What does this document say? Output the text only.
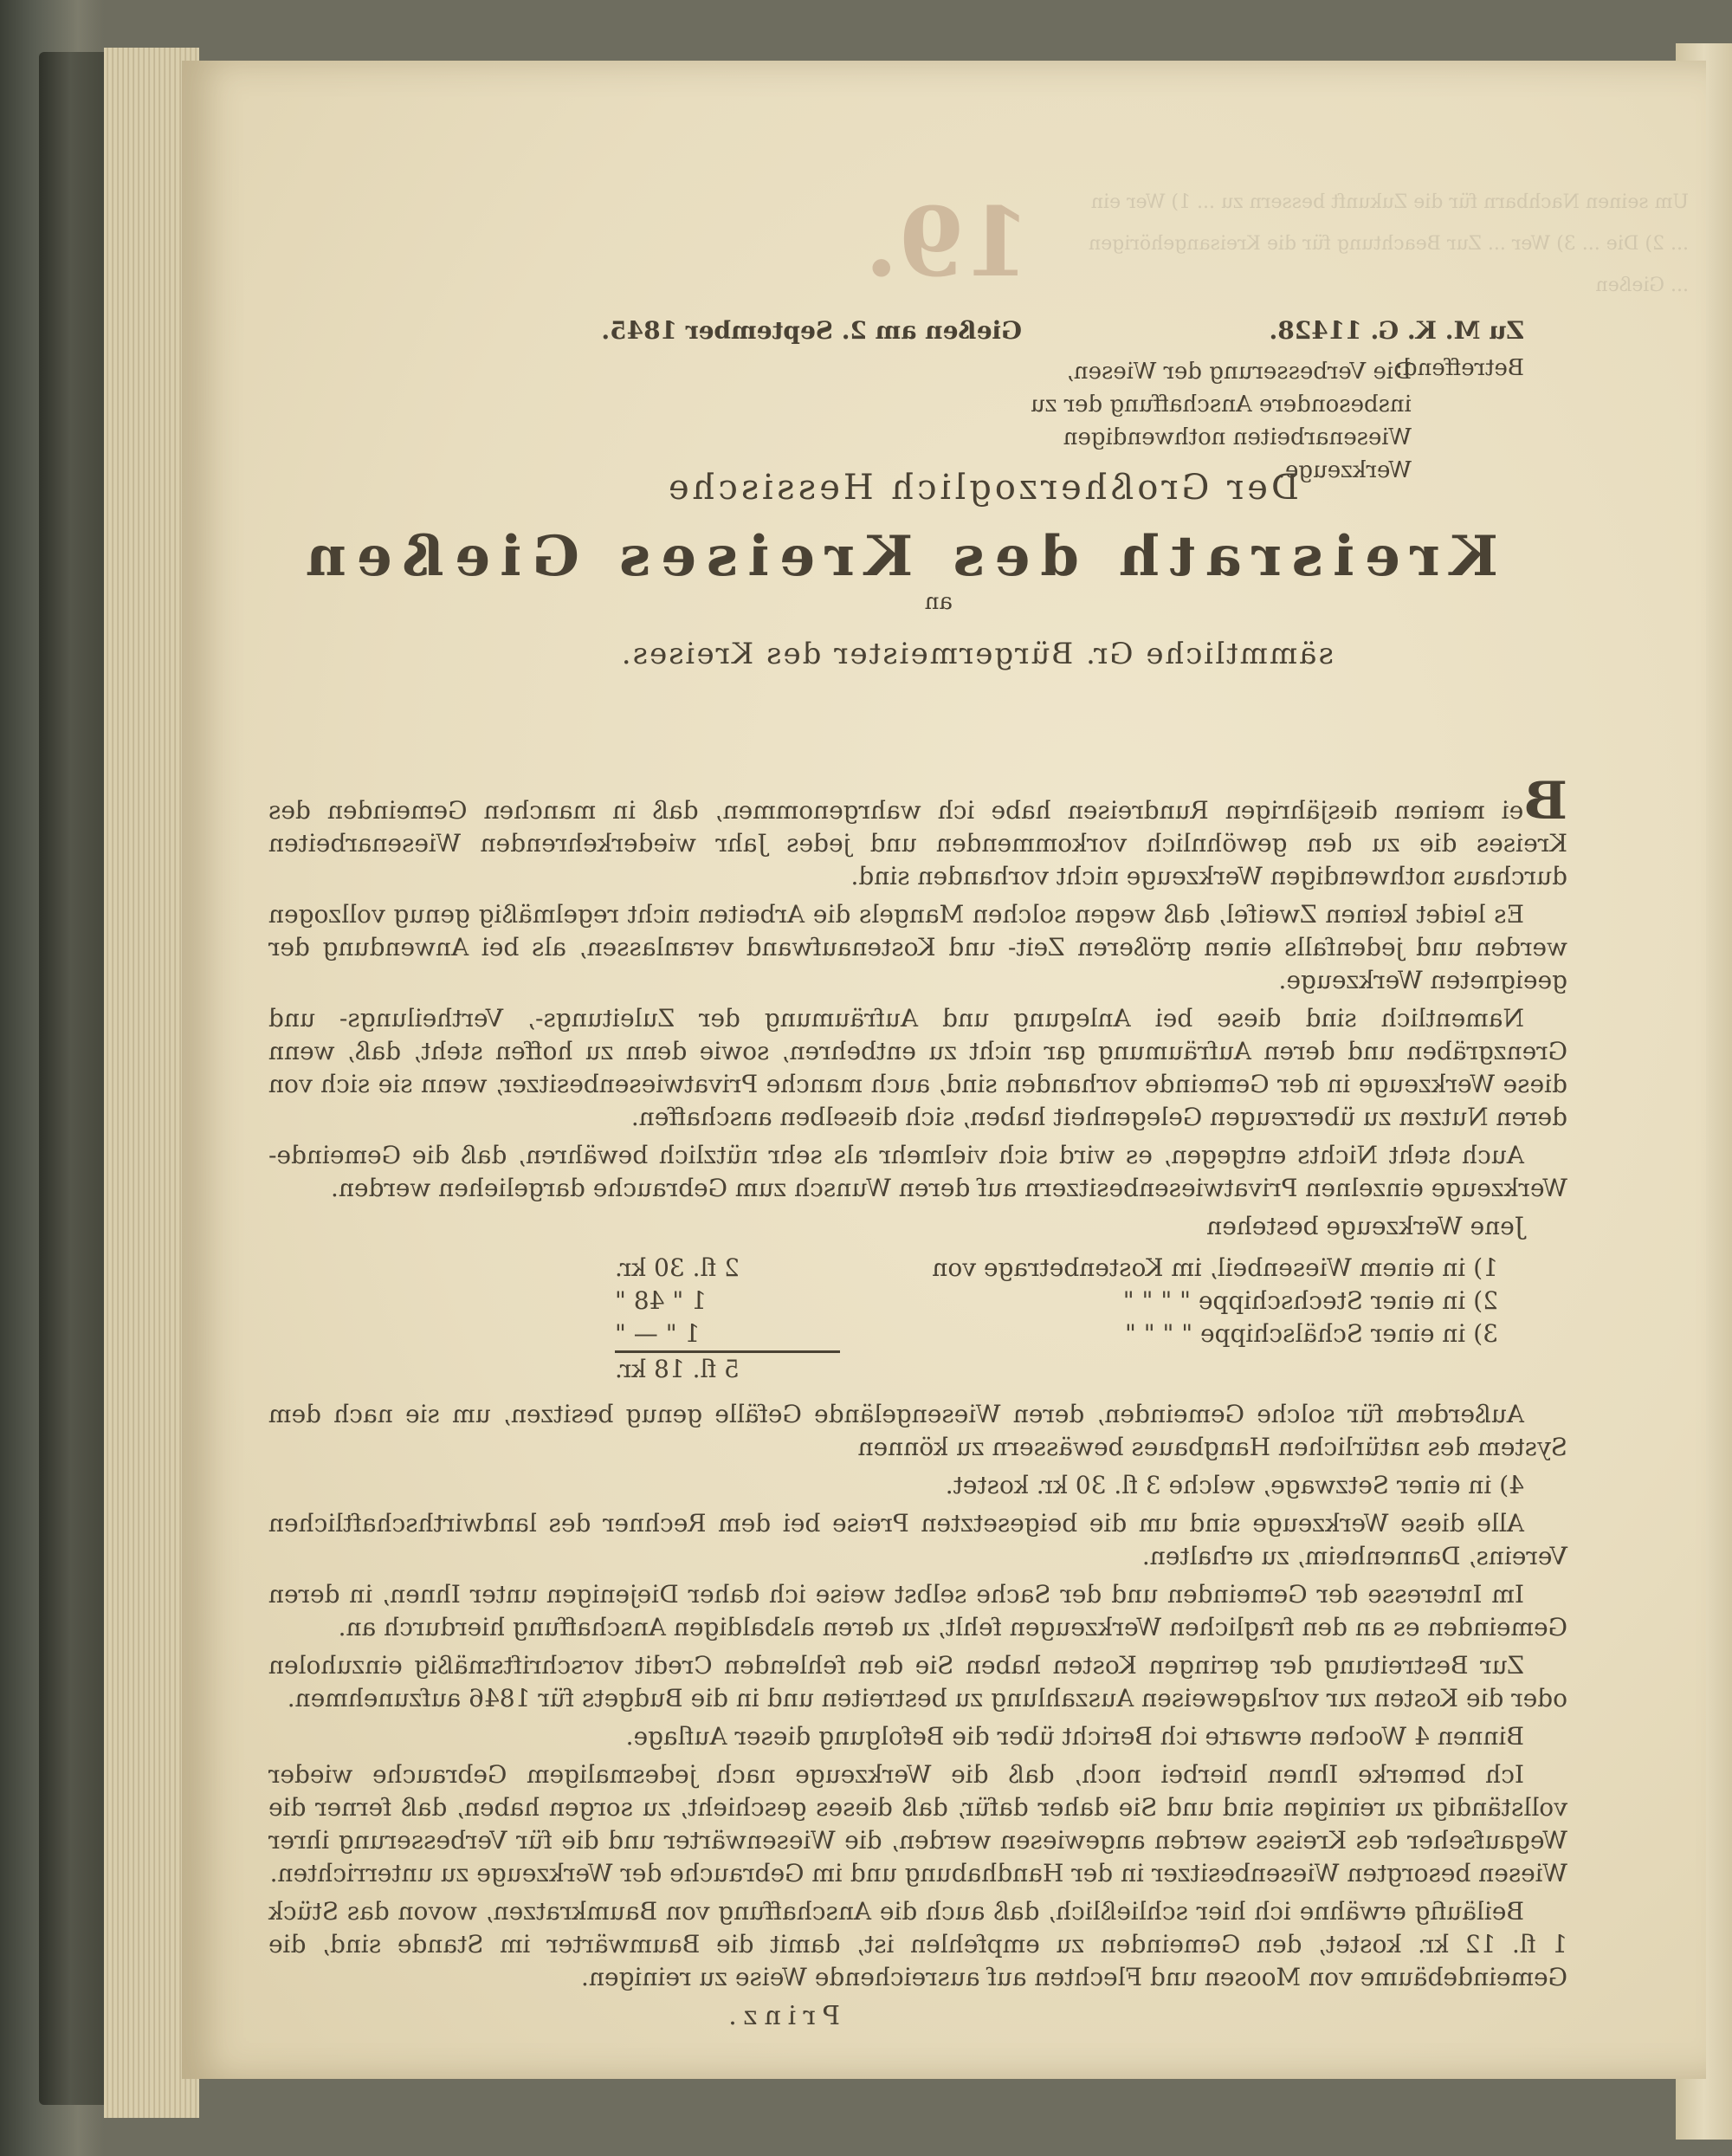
Um seinen Nachbarn für die Zukunft bessern zu ... 1) Wer ein ... 2) Die ... 3) Wer ... Zur Beachtung für die Kreisangehörigen ... Gießen
19.
Zu M. K. G. 11428.
Gießen am 2. September 1845.
Betreffend:
Die Verbesserung der Wiesen, insbesondere Anschaffung der zu Wiesenarbeiten nothwendigen Werkzeuge.
Der Großherzoglich Hessische
Kreisrath des Kreises Gießen
an
sämmtliche Gr. Bürgermeister des Kreises.

Bei meinen diesjährigen Rundreisen habe ich wahrgenommen, daß in manchen Gemeinden des Kreises die zu den gewöhnlich vorkommenden und jedes Jahr wiederkehrenden Wiesenarbeiten durchaus nothwendigen Werkzeuge nicht vorhanden sind.

Es leidet keinen Zweifel, daß wegen solchen Mangels die Arbeiten nicht regelmäßig genug vollzogen werden und jedenfalls einen größeren Zeit- und Kostenaufwand veranlassen, als bei Anwendung der geeigneten Werkzeuge.

Namentlich sind diese bei Anlegung und Aufräumung der Zuleitungs-, Vertheilungs- und Grenzgräben und deren Aufräumung gar nicht zu entbehren, sowie denn zu hoffen steht, daß, wenn diese Werkzeuge in der Gemeinde vorhanden sind, auch manche Privatwiesenbesitzer, wenn sie sich von deren Nutzen zu überzeugen Gelegenheit haben, sich dieselben anschaffen.

Auch steht Nichts entgegen, es wird sich vielmehr als sehr nützlich bewähren, daß die Gemeinde-Werkzeuge einzelnen Privatwiesenbesitzern auf deren Wunsch zum Gebrauche dargeliehen werden.

Jene Werkzeuge bestehen

1) in einem Wiesenbeil, im Kostenbetrage von
2 fl. 30 kr.
2) in einer Stechschippe " " " "
1 " 48 "
3) in einer Schälschippe " " " "
1 " — "
5 fl. 18 kr.

Außerdem für solche Gemeinden, deren Wiesengelände Gefälle genug besitzen, um sie nach dem System des natürlichen Hangbaues bewässern zu können

4) in einer Setzwage, welche 3 fl. 30 kr. kostet.

Alle diese Werkzeuge sind um die beigesetzten Preise bei dem Rechner des landwirthschaftlichen Vereins, Dannenheim, zu erhalten.

Im Interesse der Gemeinden und der Sache selbst weise ich daher Diejenigen unter Ihnen, in deren Gemeinden es an den fraglichen Werkzeugen fehlt, zu deren alsbaldigen Anschaffung hierdurch an.

Zur Bestreitung der geringen Kosten haben Sie den fehlenden Credit vorschriftsmäßig einzuholen oder die Kosten zur vorlageweisen Auszahlung zu bestreiten und in die Budgets für 1846 aufzunehmen.

Binnen 4 Wochen erwarte ich Bericht über die Befolgung dieser Auflage.

Ich bemerke Ihnen hierbei noch, daß die Werkzeuge nach jedesmaligem Gebrauche wieder vollständig zu reinigen sind und Sie daher dafür, daß dieses geschieht, zu sorgen haben, daß ferner die Wegaufseher des Kreises werden angewiesen werden, die Wiesenwärter und die für Verbesserung ihrer Wiesen besorgten Wiesenbesitzer in der Handhabung und im Gebrauche der Werkzeuge zu unterrichten.

Beiläufig erwähne ich hier schließlich, daß auch die Anschaffung von Baumkratzen, wovon das Stück 1 fl. 12 kr. kostet, den Gemeinden zu empfehlen ist, damit die Baumwärter im Stande sind, die Gemeindebäume von Moosen und Flechten auf ausreichende Weise zu reinigen.

Prinz.
